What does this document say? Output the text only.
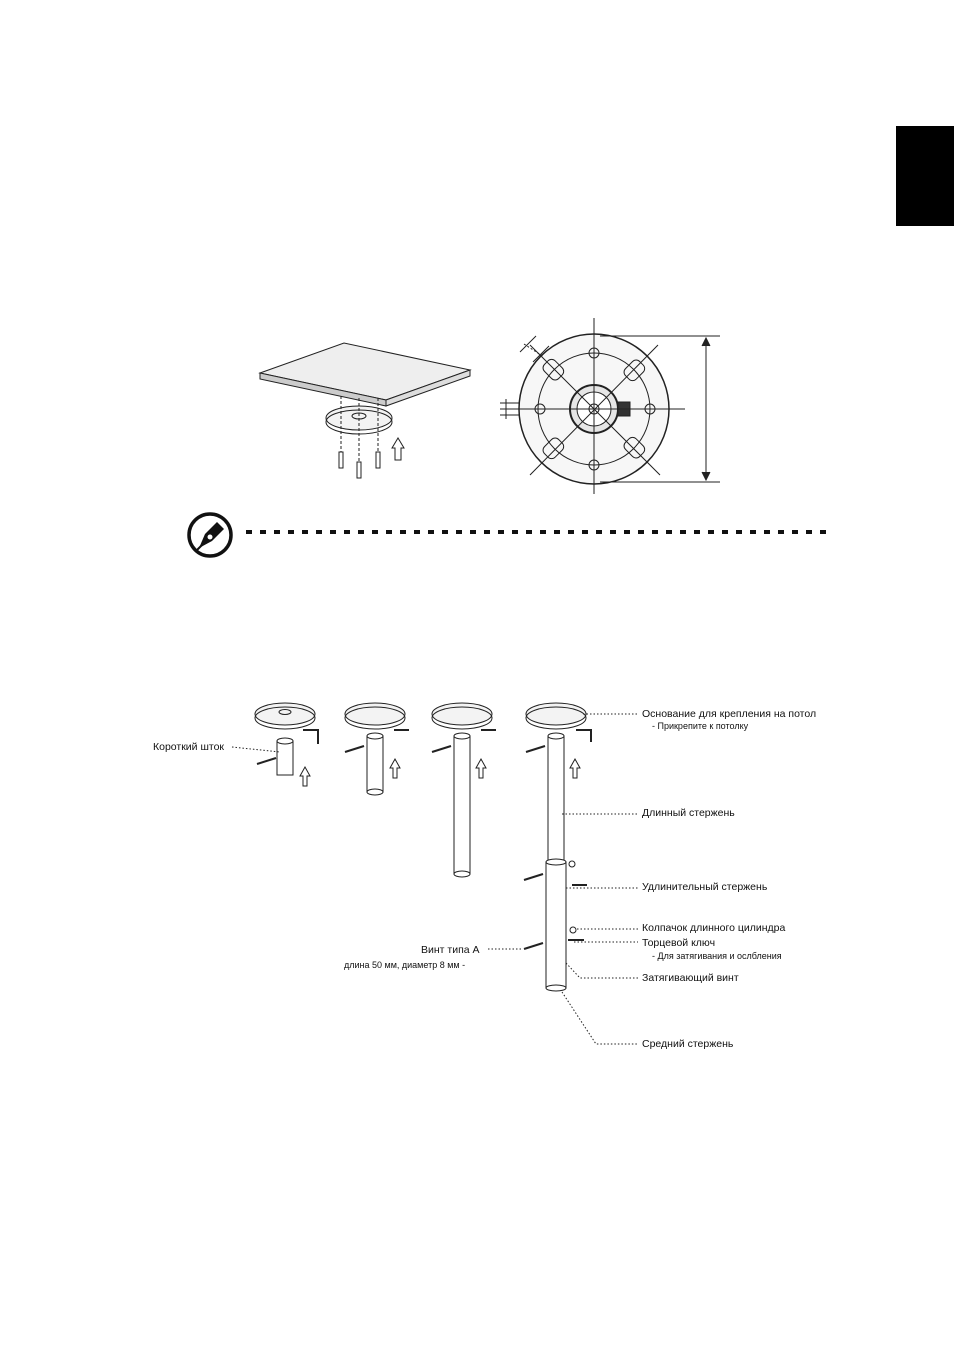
Короткий шток
Основание для крепления на потол
- Прикрепите к потолку
Длинный стержень
Удлинительный стержень
Колпачок длинного цилиндра
Торцевой ключ
- Для затягивания и ослбления
Винт типа A
длина 50 мм, диаметр 8 мм -
Затягивающий винт
Средний стержень
